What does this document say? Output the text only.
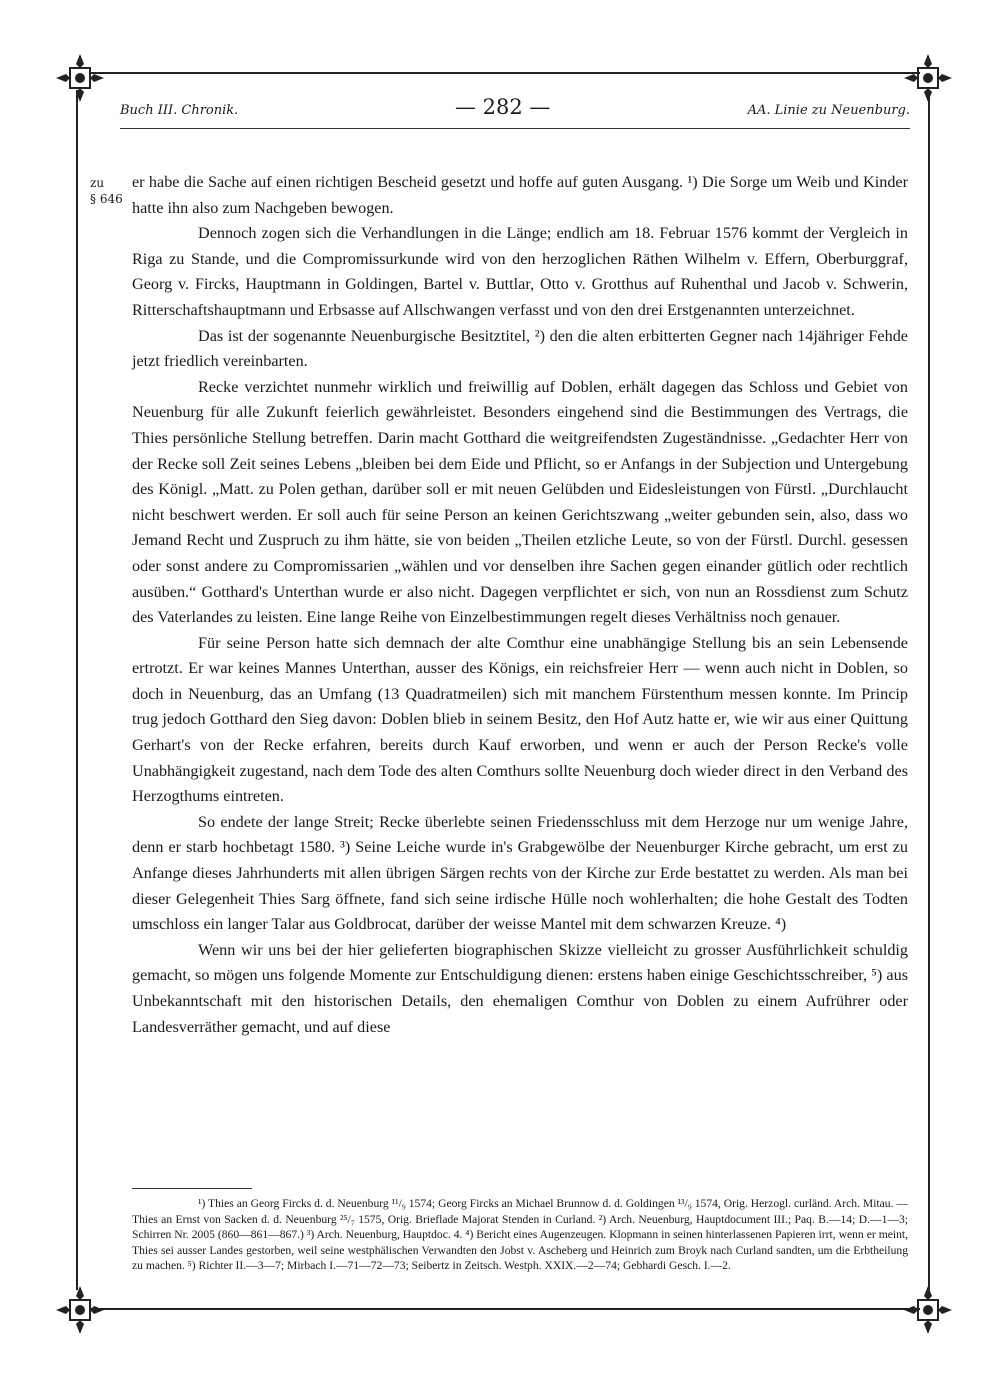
Buch III. Chronik.	— 282 —	AA. Linie zu Neuenburg.
zu
§ 646

er habe die Sache auf einen richtigen Bescheid gesetzt und hoffe auf guten Ausgang. ¹) Die Sorge um Weib und Kinder hatte ihn also zum Nachgeben bewogen.

Dennoch zogen sich die Verhandlungen in die Länge; endlich am 18. Februar 1576 kommt der Vergleich in Riga zu Stande, und die Compromissurkunde wird von den herzoglichen Räthen Wilhelm v. Effern, Oberburggraf, Georg v. Fircks, Hauptmann in Goldingen, Bartel v. Buttlar, Otto v. Grotthus auf Ruhenthal und Jacob v. Schwerin, Ritterschaftshauptmann und Erbsasse auf Allschwangen verfasst und von den drei Erstgenannten unterzeichnet.

Das ist der sogenannte Neuenburgische Besitztitel, ²) den die alten erbitterten Gegner nach 14jähriger Fehde jetzt friedlich vereinbarten.

Recke verzichtet nunmehr wirklich und freiwillig auf Doblen, erhält dagegen das Schloss und Gebiet von Neuenburg für alle Zukunft feierlich gewährleistet. Besonders eingehend sind die Bestimmungen des Vertrags, die Thies persönliche Stellung betreffen. Darin macht Gotthard die weitgreifendsten Zugeständnisse. „Gedachter Herr von der Recke soll Zeit seines Lebens „bleiben bei dem Eide und Pflicht, so er Anfangs in der Subjection und Untergebung des Königl. „Matt. zu Polen gethan, darüber soll er mit neuen Gelübden und Eidesleistungen von Fürstl. „Durchlaucht nicht beschwert werden. Er soll auch für seine Person an keinen Gerichtszwang „weiter gebunden sein, also, dass wo Jemand Recht und Zuspruch zu ihm hätte, sie von beiden „Theilen etzliche Leute, so von der Fürstl. Durchl. gesessen oder sonst andere zu Compromissarien „wählen und vor denselben ihre Sachen gegen einander gütlich oder rechtlich ausüben.“ Gotthard's Unterthan wurde er also nicht. Dagegen verpflichtet er sich, von nun an Rossdienst zum Schutz des Vaterlandes zu leisten. Eine lange Reihe von Einzelbestimmungen regelt dieses Verhältniss noch genauer.

Für seine Person hatte sich demnach der alte Comthur eine unabhängige Stellung bis an sein Lebensende ertrotzt. Er war keines Mannes Unterthan, ausser des Königs, ein reichsfreier Herr — wenn auch nicht in Doblen, so doch in Neuenburg, das an Umfang (13 Quadratmeilen) sich mit manchem Fürstenthum messen konnte. Im Princip trug jedoch Gotthard den Sieg davon: Doblen blieb in seinem Besitz, den Hof Autz hatte er, wie wir aus einer Quittung Gerhart's von der Recke erfahren, bereits durch Kauf erworben, und wenn er auch der Person Recke's volle Unabhängigkeit zugestand, nach dem Tode des alten Comthurs sollte Neuenburg doch wieder direct in den Verband des Herzogthums eintreten.

So endete der lange Streit; Recke überlebte seinen Friedensschluss mit dem Herzoge nur um wenige Jahre, denn er starb hochbetagt 1580. ³) Seine Leiche wurde in's Grabgewölbe der Neuenburger Kirche gebracht, um erst zu Anfange dieses Jahrhunderts mit allen übrigen Särgen rechts von der Kirche zur Erde bestattet zu werden. Als man bei dieser Gelegenheit Thies Sarg öffnete, fand sich seine irdische Hülle noch wohlerhalten; die hohe Gestalt des Todten umschloss ein langer Talar aus Goldbrocat, darüber der weisse Mantel mit dem schwarzen Kreuze. ⁴)

Wenn wir uns bei der hier gelieferten biographischen Skizze vielleicht zu grosser Ausführlichkeit schuldig gemacht, so mögen uns folgende Momente zur Entschuldigung dienen: erstens haben einige Geschichtsschreiber, ⁵) aus Unbekanntschaft mit den historischen Details, den ehemaligen Comthur von Doblen zu einem Aufrührer oder Landesverräther gemacht, und auf diese

¹) Thies an Georg Fircks d. d. Neuenburg ¹¹/₉ 1574; Georg Fircks an Michael Brunnow d. d. Goldingen ¹³/₉ 1574, Orig. Herzogl. curländ. Arch. Mitau. — Thies an Ernst von Sacken d. d. Neuenburg ²⁵/₇ 1575, Orig. Brieflade Majorat Stenden in Curland. ²) Arch. Neuenburg, Hauptdocument III.; Paq. B.—14; D.—1—3; Schirren Nr. 2005 (860—861—867.) ³) Arch. Neuenburg, Hauptdoc. 4. ⁴) Bericht eines Augenzeugen. Klopmann in seinen hinterlassenen Papieren irrt, wenn er meint, Thies sei ausser Landes gestorben, weil seine westphälischen Verwandten den Jobst v. Ascheberg und Heinrich zum Broyk nach Curland sandten, um die Erbtheilung zu machen. ⁵) Richter II.—3—7; Mirbach I.—71—72—73; Seibertz in Zeitsch. Westph. XXIX.—2—74; Gebhardi Gesch. I.—2.
